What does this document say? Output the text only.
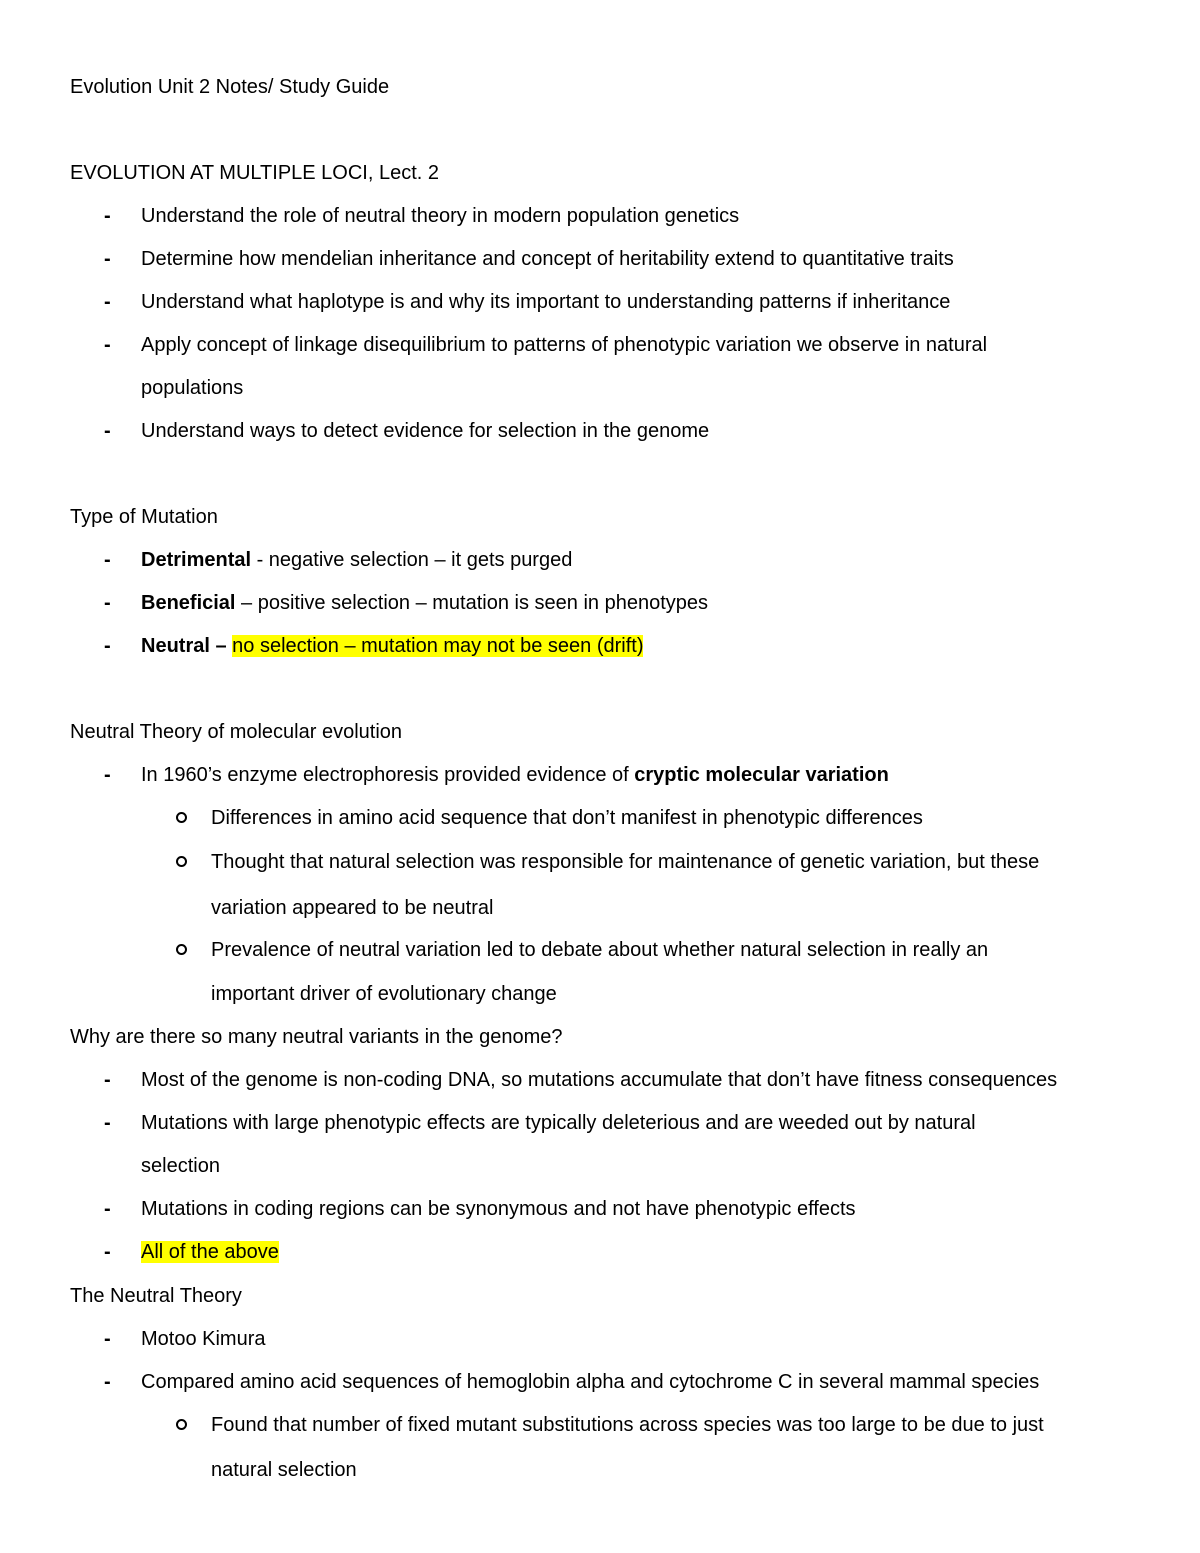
Evolution Unit 2 Notes/ Study Guide
EVOLUTION AT MULTIPLE LOCI, Lect. 2
- Understand the role of neutral theory in modern population genetics
- Determine how mendelian inheritance and concept of heritability extend to quantitative traits
- Understand what haplotype is and why its important to understanding patterns if inheritance
- Apply concept of linkage disequilibrium to patterns of phenotypic variation we observe in natural
populations
- Understand ways to detect evidence for selection in the genome
Type of Mutation
- Detrimental - negative selection – it gets purged
- Beneficial – positive selection – mutation is seen in phenotypes
- Neutral – no selection – mutation may not be seen (drift)
Neutral Theory of molecular evolution
- In 1960’s enzyme electrophoresis provided evidence of cryptic molecular variation
Differences in amino acid sequence that don’t manifest in phenotypic differences
Thought that natural selection was responsible for maintenance of genetic variation, but these
variation appeared to be neutral
Prevalence of neutral variation led to debate about whether natural selection in really an
important driver of evolutionary change
Why are there so many neutral variants in the genome?
- Most of the genome is non-coding DNA, so mutations accumulate that don’t have fitness consequences
- Mutations with large phenotypic effects are typically deleterious and are weeded out by natural
selection
- Mutations in coding regions can be synonymous and not have phenotypic effects
- All of the above
The Neutral Theory
- Motoo Kimura
- Compared amino acid sequences of hemoglobin alpha and cytochrome C in several mammal species
Found that number of fixed mutant substitutions across species was too large to be due to just
natural selection
